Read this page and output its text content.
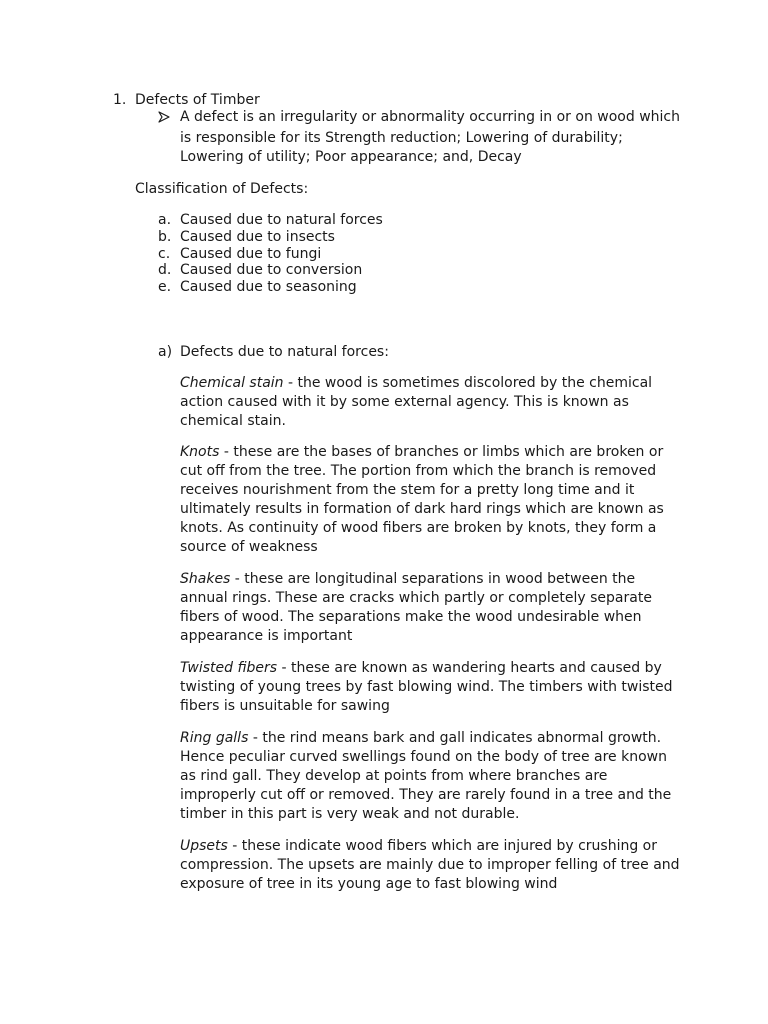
1. Defects of Timber
A defect is an irregularity or abnormality occurring in or on wood which
is responsible for its Strength reduction; Lowering of durability;
Lowering of utility; Poor appearance; and, Decay
Classification of Defects:
a. Caused due to natural forces
b. Caused due to insects
c. Caused due to fungi
d. Caused due to conversion
e. Caused due to seasoning
a) Defects due to natural forces:
Chemical stain - the wood is sometimes discolored by the chemical
action caused with it by some external agency. This is known as
chemical stain.
Knots - these are the bases of branches or limbs which are broken or
cut off from the tree. The portion from which the branch is removed
receives nourishment from the stem for a pretty long time and it
ultimately results in formation of dark hard rings which are known as
knots. As continuity of wood fibers are broken by knots, they form a
source of weakness
Shakes - these are longitudinal separations in wood between the
annual rings. These are cracks which partly or completely separate
fibers of wood. The separations make the wood undesirable when
appearance is important
Twisted fibers - these are known as wandering hearts and caused by
twisting of young trees by fast blowing wind. The timbers with twisted
fibers is unsuitable for sawing
Ring galls - the rind means bark and gall indicates abnormal growth.
Hence peculiar curved swellings found on the body of tree are known
as rind gall. They develop at points from where branches are
improperly cut off or removed. They are rarely found in a tree and the
timber in this part is very weak and not durable.
Upsets - these indicate wood fibers which are injured by crushing or
compression. The upsets are mainly due to improper felling of tree and
exposure of tree in its young age to fast blowing wind
